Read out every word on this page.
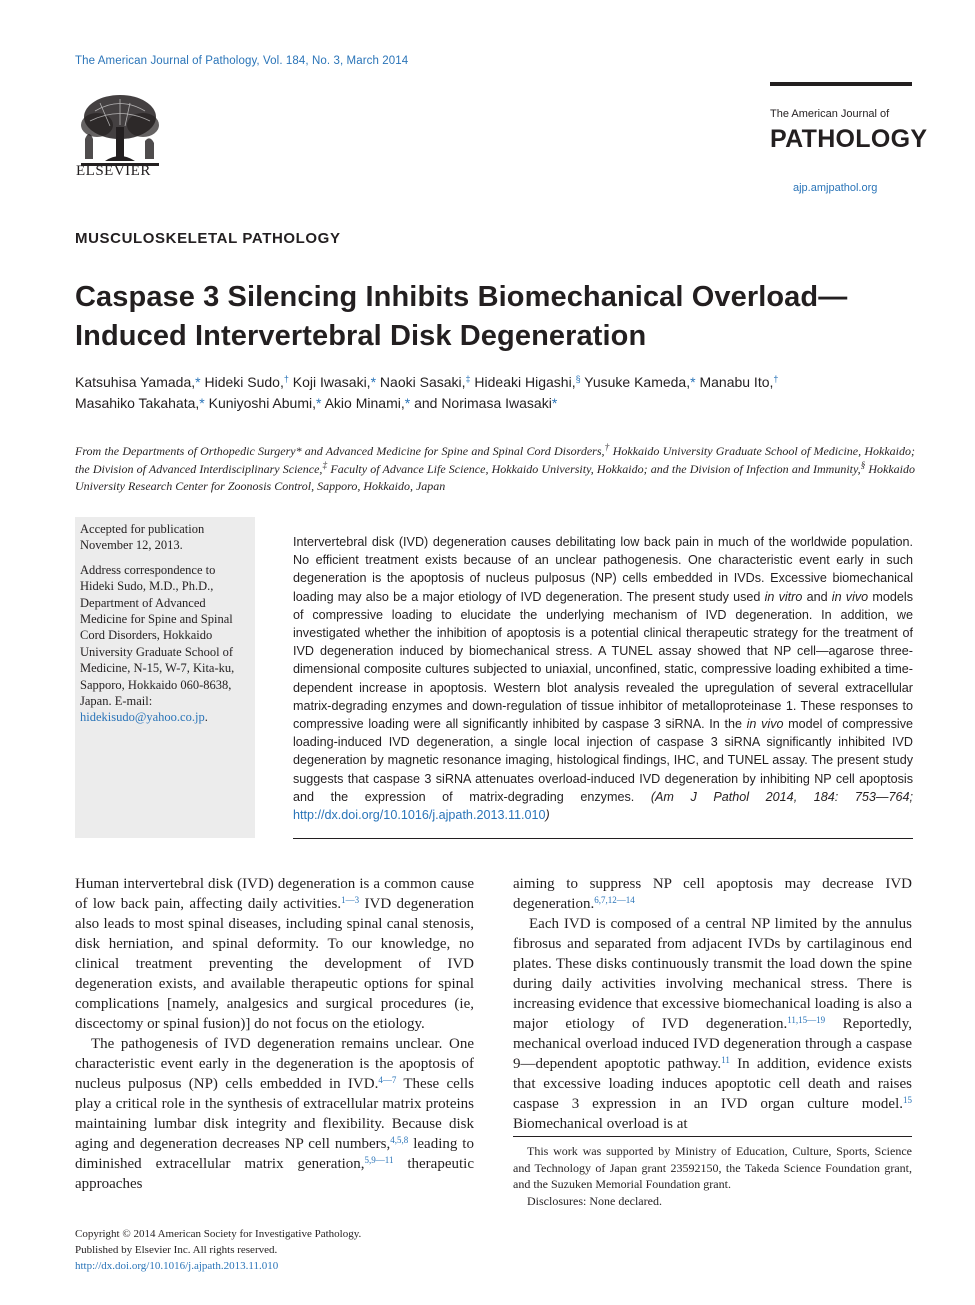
The American Journal of Pathology, Vol. 184, No. 3, March 2014
ELSEVIER
The American Journal of
PATHOLOGY
ajp.amjpathol.org
MUSCULOSKELETAL PATHOLOGY
Caspase 3 Silencing Inhibits Biomechanical Overload—Induced Intervertebral Disk Degeneration
Katsuhisa Yamada,* Hideki Sudo,† Koji Iwasaki,* Naoki Sasaki,‡ Hideaki Higashi,§ Yusuke Kameda,* Manabu Ito,†
Masahiko Takahata,* Kuniyoshi Abumi,* Akio Minami,* and Norimasa Iwasaki*
From the Departments of Orthopedic Surgery* and Advanced Medicine for Spine and Spinal Cord Disorders,† Hokkaido University Graduate School of Medicine, Hokkaido; the Division of Advanced Interdisciplinary Science,‡ Faculty of Advance Life Science, Hokkaido University, Hokkaido; and the Division of Infection and Immunity,§ Hokkaido University Research Center for Zoonosis Control, Sapporo, Hokkaido, Japan

Accepted for publication November 12, 2013.

Address correspondence to Hideki Sudo, M.D., Ph.D., Department of Advanced Medicine for Spine and Spinal Cord Disorders, Hokkaido University Graduate School of Medicine, N-15, W-7, Kita-ku, Sapporo, Hokkaido 060-8638, Japan. E-mail: hidekisudo@yahoo.co.jp.

Intervertebral disk (IVD) degeneration causes debilitating low back pain in much of the worldwide population. No efficient treatment exists because of an unclear pathogenesis. One characteristic event early in such degeneration is the apoptosis of nucleus pulposus (NP) cells embedded in IVDs. Excessive biomechanical loading may also be a major etiology of IVD degeneration. The present study used in vitro and in vivo models of compressive loading to elucidate the underlying mechanism of IVD degeneration. In addition, we investigated whether the inhibition of apoptosis is a potential clinical therapeutic strategy for the treatment of IVD degeneration induced by biomechanical stress. A TUNEL assay showed that NP cell—agarose three-dimensional composite cultures subjected to uniaxial, unconfined, static, compressive loading exhibited a time-dependent increase in apoptosis. Western blot analysis revealed the upregulation of several extracellular matrix-degrading enzymes and down-regulation of tissue inhibitor of metalloproteinase 1. These responses to compressive loading were all significantly inhibited by caspase 3 siRNA. In the in vivo model of compressive loading-induced IVD degeneration, a single local injection of caspase 3 siRNA significantly inhibited IVD degeneration by magnetic resonance imaging, histological findings, IHC, and TUNEL assay. The present study suggests that caspase 3 siRNA attenuates overload-induced IVD degeneration by inhibiting NP cell apoptosis and the expression of matrix-degrading enzymes. (Am J Pathol 2014, 184: 753—764; http://dx.doi.org/10.1016/j.ajpath.2013.11.010)

Human intervertebral disk (IVD) degeneration is a common cause of low back pain, affecting daily activities.$^{1—3}$ IVD degeneration also leads to most spinal diseases, including spinal canal stenosis, disk herniation, and spinal deformity. To our knowledge, no clinical treatment preventing the development of IVD degeneration exists, and available therapeutic options for spinal complications [namely, analgesics and surgical procedures (ie, discectomy or spinal fusion)] do not focus on the etiology.

The pathogenesis of IVD degeneration remains unclear. One characteristic event early in the degeneration is the apoptosis of nucleus pulposus (NP) cells embedded in IVD.$^{4—7}$ These cells play a critical role in the synthesis of extracellular matrix proteins maintaining lumbar disk integrity and flexibility. Because disk aging and degeneration decreases NP cell numbers,$^{4,5,8}$ leading to diminished extracellular matrix generation,$^{5,9—11}$ therapeutic approaches

aiming to suppress NP cell apoptosis may decrease IVD degeneration.$^{6,7,12—14}$

Each IVD is composed of a central NP limited by the annulus fibrosus and separated from adjacent IVDs by cartilaginous end plates. These disks continuously transmit the load down the spine during daily activities involving mechanical stress. There is increasing evidence that excessive biomechanical loading is also a major etiology of IVD degeneration.$^{11,15—19}$ Reportedly, mechanical overload induced IVD degeneration through a caspase 9—dependent apoptotic pathway.$^{11}$ In addition, evidence exists that excessive loading induces apoptotic cell death and raises caspase 3 expression in an IVD organ culture model.$^{15}$ Biomechanical overload is at

This work was supported by Ministry of Education, Culture, Sports, Science and Technology of Japan grant 23592150, the Takeda Science Foundation grant, and the Suzuken Memorial Foundation grant.

Disclosures: None declared.

Copyright © 2014 American Society for Investigative Pathology.
Published by Elsevier Inc. All rights reserved.
http://dx.doi.org/10.1016/j.ajpath.2013.11.010
